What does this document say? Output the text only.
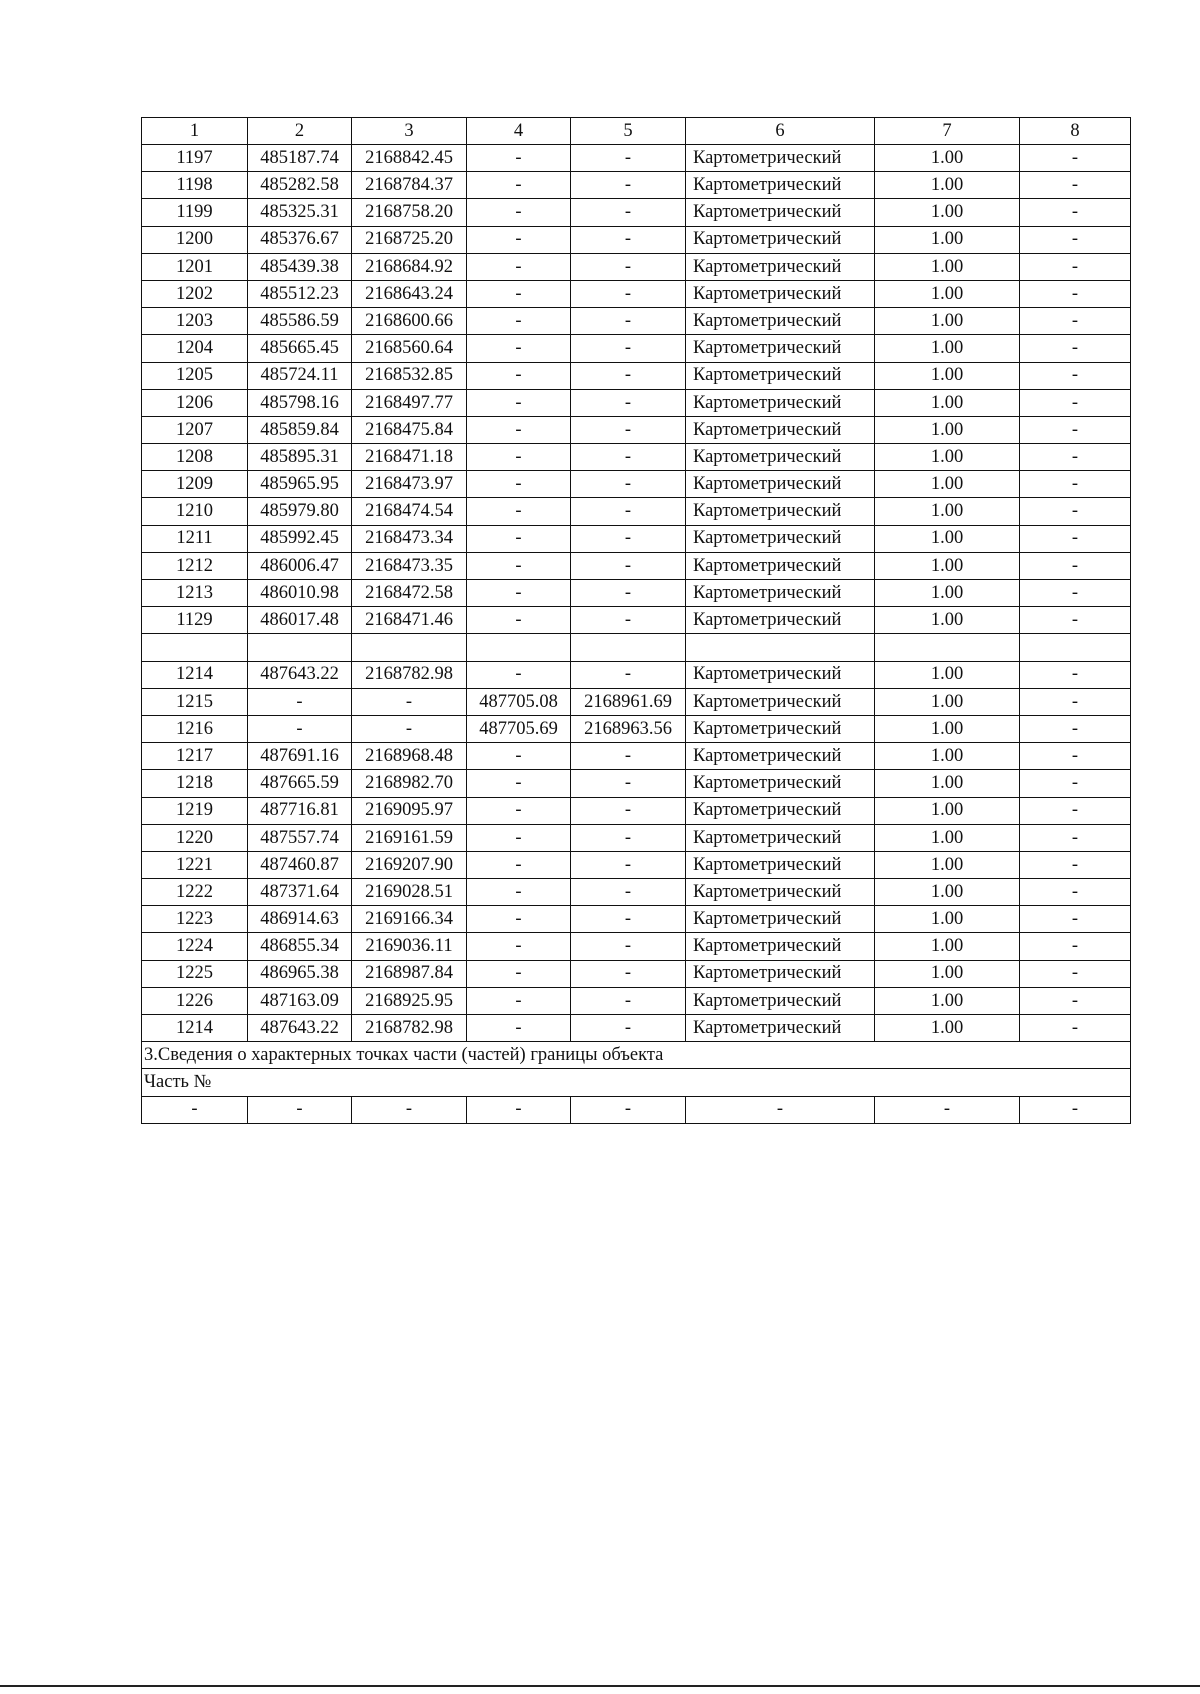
1	2	3	4	5	6	7	8
1197	485187.74	2168842.45	-	-	Картометрический	1.00	-
1198	485282.58	2168784.37	-	-	Картометрический	1.00	-
1199	485325.31	2168758.20	-	-	Картометрический	1.00	-
1200	485376.67	2168725.20	-	-	Картометрический	1.00	-
1201	485439.38	2168684.92	-	-	Картометрический	1.00	-
1202	485512.23	2168643.24	-	-	Картометрический	1.00	-
1203	485586.59	2168600.66	-	-	Картометрический	1.00	-
1204	485665.45	2168560.64	-	-	Картометрический	1.00	-
1205	485724.11	2168532.85	-	-	Картометрический	1.00	-
1206	485798.16	2168497.77	-	-	Картометрический	1.00	-
1207	485859.84	2168475.84	-	-	Картометрический	1.00	-
1208	485895.31	2168471.18	-	-	Картометрический	1.00	-
1209	485965.95	2168473.97	-	-	Картометрический	1.00	-
1210	485979.80	2168474.54	-	-	Картометрический	1.00	-
1211	485992.45	2168473.34	-	-	Картометрический	1.00	-
1212	486006.47	2168473.35	-	-	Картометрический	1.00	-
1213	486010.98	2168472.58	-	-	Картометрический	1.00	-
1129	486017.48	2168471.46	-	-	Картометрический	1.00	-

1214	487643.22	2168782.98	-	-	Картометрический	1.00	-
1215	-	-	487705.08	2168961.69	Картометрический	1.00	-
1216	-	-	487705.69	2168963.56	Картометрический	1.00	-
1217	487691.16	2168968.48	-	-	Картометрический	1.00	-
1218	487665.59	2168982.70	-	-	Картометрический	1.00	-
1219	487716.81	2169095.97	-	-	Картометрический	1.00	-
1220	487557.74	2169161.59	-	-	Картометрический	1.00	-
1221	487460.87	2169207.90	-	-	Картометрический	1.00	-
1222	487371.64	2169028.51	-	-	Картометрический	1.00	-
1223	486914.63	2169166.34	-	-	Картометрический	1.00	-
1224	486855.34	2169036.11	-	-	Картометрический	1.00	-
1225	486965.38	2168987.84	-	-	Картометрический	1.00	-
1226	487163.09	2168925.95	-	-	Картометрический	1.00	-
1214	487643.22	2168782.98	-	-	Картометрический	1.00	-
3.Сведения о характерных точках части (частей) границы объекта							
Часть №							
-	-	-	-	-	-	-	-
